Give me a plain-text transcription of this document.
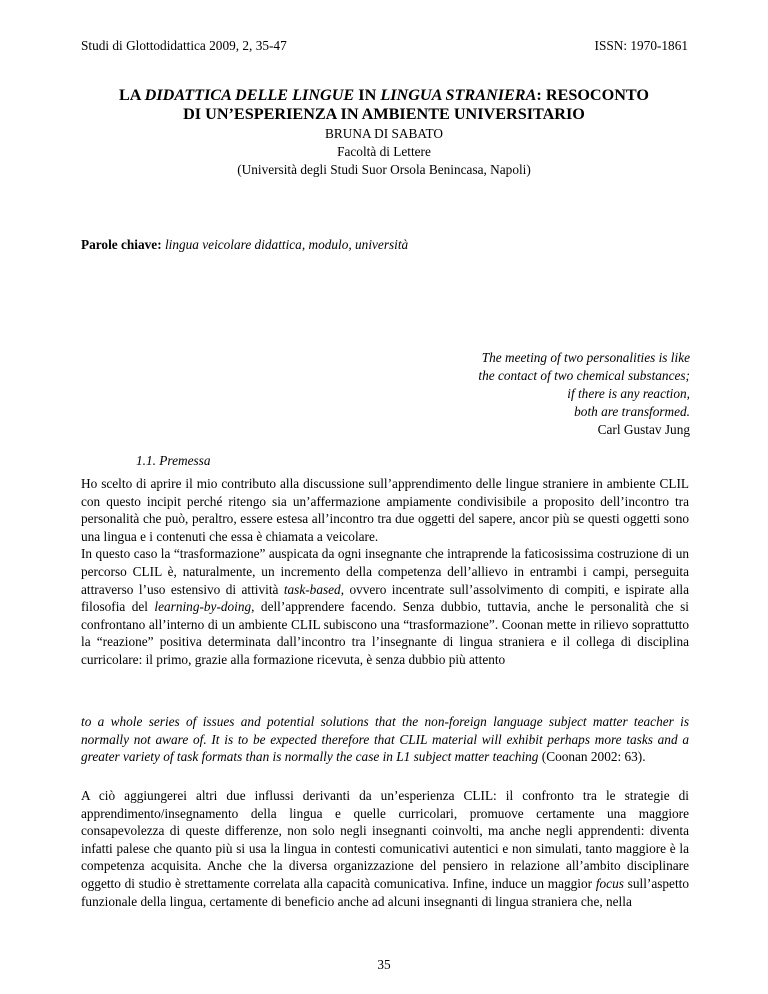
Studi di Glottodidattica 2009, 2, 35-47	ISSN: 1970-1861
LA DIDATTICA DELLE LINGUE IN LINGUA STRANIERA: RESOCONTO
DI UN’ESPERIENZA IN AMBIENTE UNIVERSITARIO
BRUNA DI SABATO
Facoltà di Lettere
(Università degli Studi Suor Orsola Benincasa, Napoli)
Parole chiave: lingua veicolare didattica, modulo, università
The meeting of two personalities is like
the contact of two chemical substances;
if there is any reaction,
both are transformed.
Carl Gustav Jung
1.1. Premessa

Ho scelto di aprire il mio contributo alla discussione sull’apprendimento delle lingue straniere in ambiente CLIL con questo incipit perché ritengo sia un’affermazione ampiamente condivisibile a proposito dell’incontro tra personalità che può, peraltro, essere estesa all’incontro tra due oggetti del sapere, ancor più se questi oggetti sono una lingua e i contenuti che essa è chiamata a veicolare.

In questo caso la “trasformazione” auspicata da ogni insegnante che intraprende la faticosissima costruzione di un percorso CLIL è, naturalmente, un incremento della competenza dell’allievo in entrambi i campi, perseguita attraverso l’uso estensivo di attività task-based, ovvero incentrate sull’assolvimento di compiti, e ispirate alla filosofia del learning-by-doing, dell’apprendere facendo. Senza dubbio, tuttavia, anche le personalità che si confrontano all’interno di un ambiente CLIL subiscono una “trasformazione”. Coonan mette in rilievo soprattutto la “reazione” positiva determinata dall’incontro tra l’insegnante di lingua straniera e il collega di disciplina curricolare: il primo, grazie alla formazione ricevuta, è senza dubbio più attento

to a whole series of issues and potential solutions that the non-foreign language subject matter teacher is normally not aware of. It is to be expected therefore that CLIL material will exhibit perhaps more tasks and a greater variety of task formats than is normally the case in L1 subject matter teaching (Coonan 2002: 63).

A ciò aggiungerei altri due influssi derivanti da un’esperienza CLIL: il confronto tra le strategie di apprendimento/insegnamento della lingua e quelle curricolari, promuove certamente una maggiore consapevolezza di queste differenze, non solo negli insegnanti coinvolti, ma anche negli apprendenti: diventa infatti palese che quanto più si usa la lingua in contesti comunicativi autentici e non simulati, tanto maggiore è la competenza acquisita. Anche che la diversa organizzazione del pensiero in relazione all’ambito disciplinare oggetto di studio è strettamente correlata alla capacità comunicativa. Infine, induce un maggior focus sull’aspetto funzionale della lingua, certamente di beneficio anche ad alcuni insegnanti di lingua straniera che, nella

35
